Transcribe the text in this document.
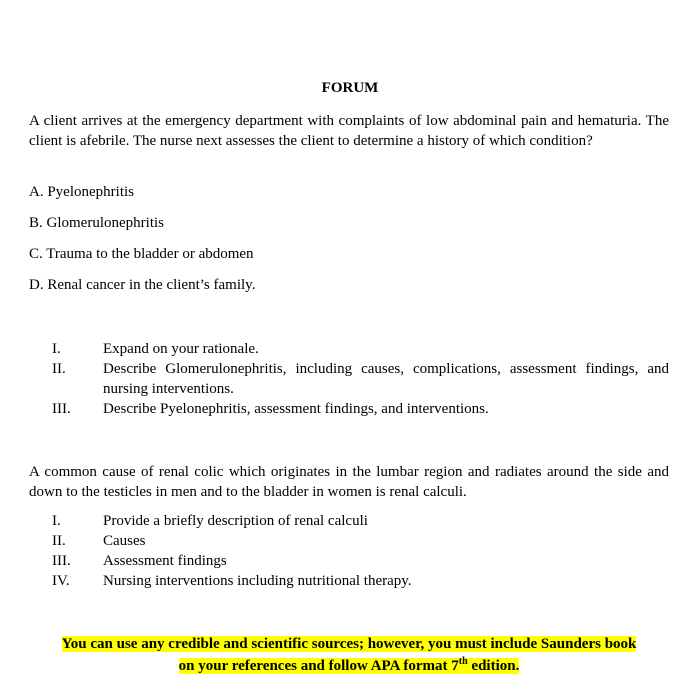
FORUM
A client arrives at the emergency department with complaints of low abdominal pain and hematuria. The client is afebrile. The nurse next assesses the client to determine a history of which condition?
A. Pyelonephritis
B. Glomerulonephritis
C. Trauma to the bladder or abdomen
D. Renal cancer in the client’s family.
I.	Expand on your rationale.
II. Describe Glomerulonephritis, including causes, complications, assessment findings, and nursing interventions.
III. Describe Pyelonephritis, assessment findings, and interventions.
A common cause of renal colic which originates in the lumbar region and radiates around the side and down to the testicles in men and to the bladder in women is renal calculi.
I.	Provide a briefly description of renal calculi
II. Causes
III. Assessment findings
IV. Nursing interventions including nutritional therapy.
You can use any credible and scientific sources; however, you must include Saunders book
on your references and follow APA format 7th edition.
